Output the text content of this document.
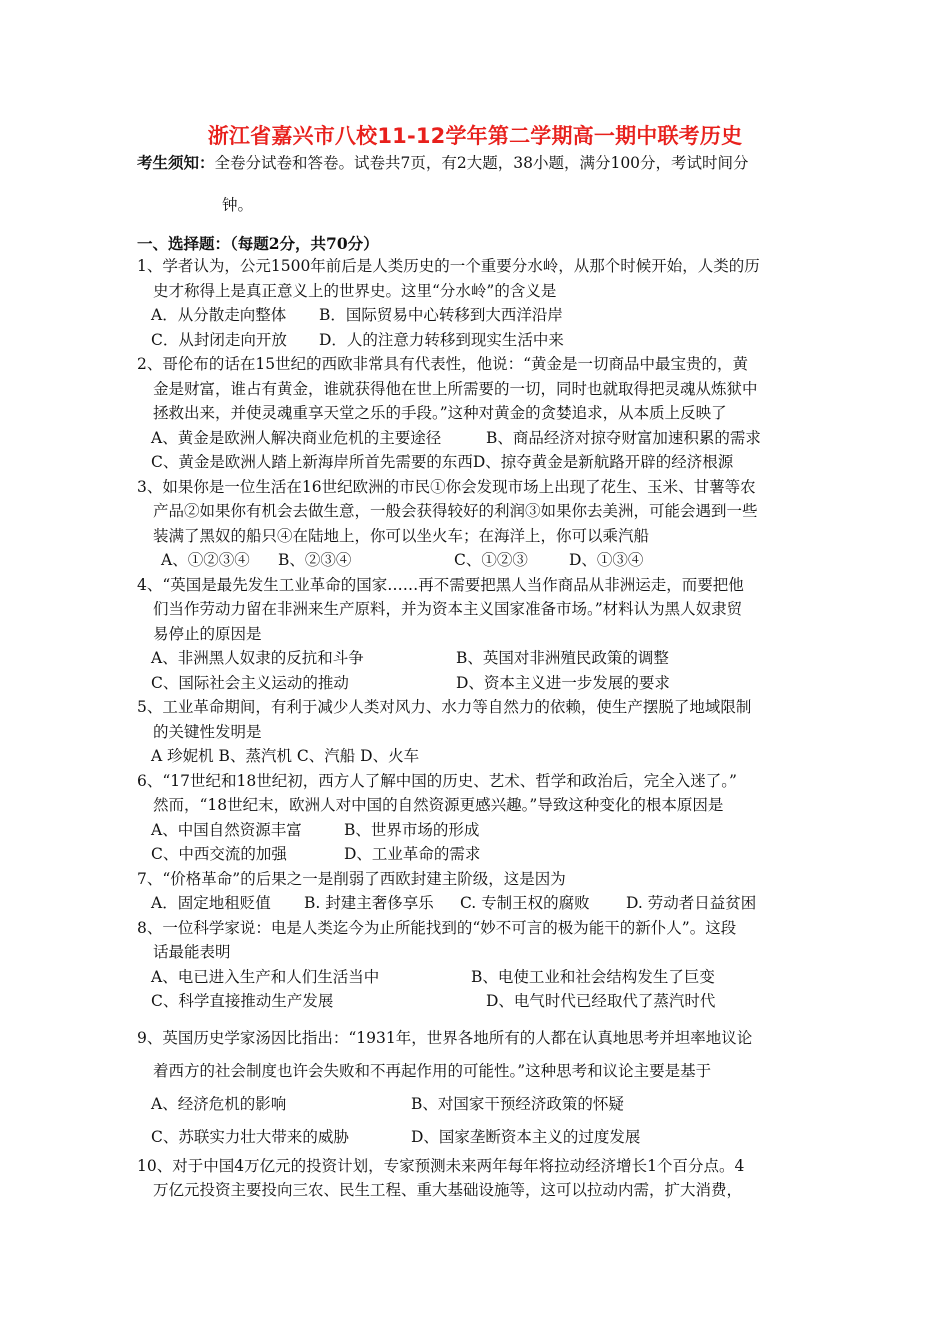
浙江省嘉兴市八校11-12学年第二学期高一期中联考历史
考生须知：全卷分试卷和答卷。试卷共7页，有2大题，38小题，满分100分，考试时间分
钟。
一、选择题：（每题2分，共70分）
1、学者认为，公元1500年前后是人类历史的一个重要分水岭，从那个时候开始，人类的历
史才称得上是真正意义上的世界史。这里“分水岭”的含义是
A．从分散走向整体 B．国际贸易中心转移到大西洋沿岸
C．从封闭走向开放 D．人的注意力转移到现实生活中来
2、哥伦布的话在15世纪的西欧非常具有代表性，他说：“黄金是一切商品中最宝贵的，黄
金是财富，谁占有黄金，谁就获得他在世上所需要的一切，同时也就取得把灵魂从炼狱中
拯救出来，并使灵魂重享天堂之乐的手段。”这种对黄金的贪婪追求，从本质上反映了
A、黄金是欧洲人解决商业危机的主要途径	B、商品经济对掠夺财富加速积累的需求
C、黄金是欧洲人踏上新海岸所首先需要的东西D、掠夺黄金是新航路开辟的经济根源
3、如果你是一位生活在16世纪欧洲的市民①你会发现市场上出现了花生、玉米、甘薯等农
产品②如果你有机会去做生意，一般会获得较好的利润③如果你去美洲，可能会遇到一些
装满了黑奴的船只④在陆地上，你可以坐火车；在海洋上，你可以乘汽船
A、①②③④ B、②③④	C、①②③	D、①③④
4、“英国是最先发生工业革命的国家……再不需要把黑人当作商品从非洲运走，而要把他
们当作劳动力留在非洲来生产原料，并为资本主义国家准备市场。”材料认为黑人奴隶贸
易停止的原因是
A、非洲黑人奴隶的反抗和斗争	B、英国对非洲殖民政策的调整
C、国际社会主义运动的推动	D、资本主义进一步发展的要求
5、工业革命期间，有利于减少人类对风力、水力等自然力的依赖，使生产摆脱了地域限制
的关键性发明是
A 珍妮机 B、蒸汽机 C、汽船 D、火车
6、“17世纪和18世纪初，西方人了解中国的历史、艺术、哲学和政治后，完全入迷了。”
然而，“18世纪末，欧洲人对中国的自然资源更感兴趣。”导致这种变化的根本原因是
A、中国自然资源丰富	B、世界市场的形成
C、中西交流的加强	D、工业革命的需求
7、“价格革命”的后果之一是削弱了西欧封建主阶级，这是因为
A．固定地租贬值 B. 封建主奢侈享乐 C. 专制王权的腐败 D. 劳动者日益贫困
8、一位科学家说：电是人类迄今为止所能找到的“妙不可言的极为能干的新仆人”。这段
话最能表明
A、电已进入生产和人们生活当中	B、电使工业和社会结构发生了巨变
C、科学直接推动生产发展	D、电气时代已经取代了蒸汽时代
9、英国历史学家汤因比指出：“1931年，世界各地所有的人都在认真地思考并坦率地议论
着西方的社会制度也许会失败和不再起作用的可能性。”这种思考和议论主要是基于
A、经济危机的影响	B、对国家干预经济政策的怀疑
C、苏联实力壮大带来的威胁	D、国家垄断资本主义的过度发展
10、对于中国4万亿元的投资计划，专家预测未来两年每年将拉动经济增长1个百分点。4
万亿元投资主要投向三农、民生工程、重大基础设施等，这可以拉动内需，扩大消费，
